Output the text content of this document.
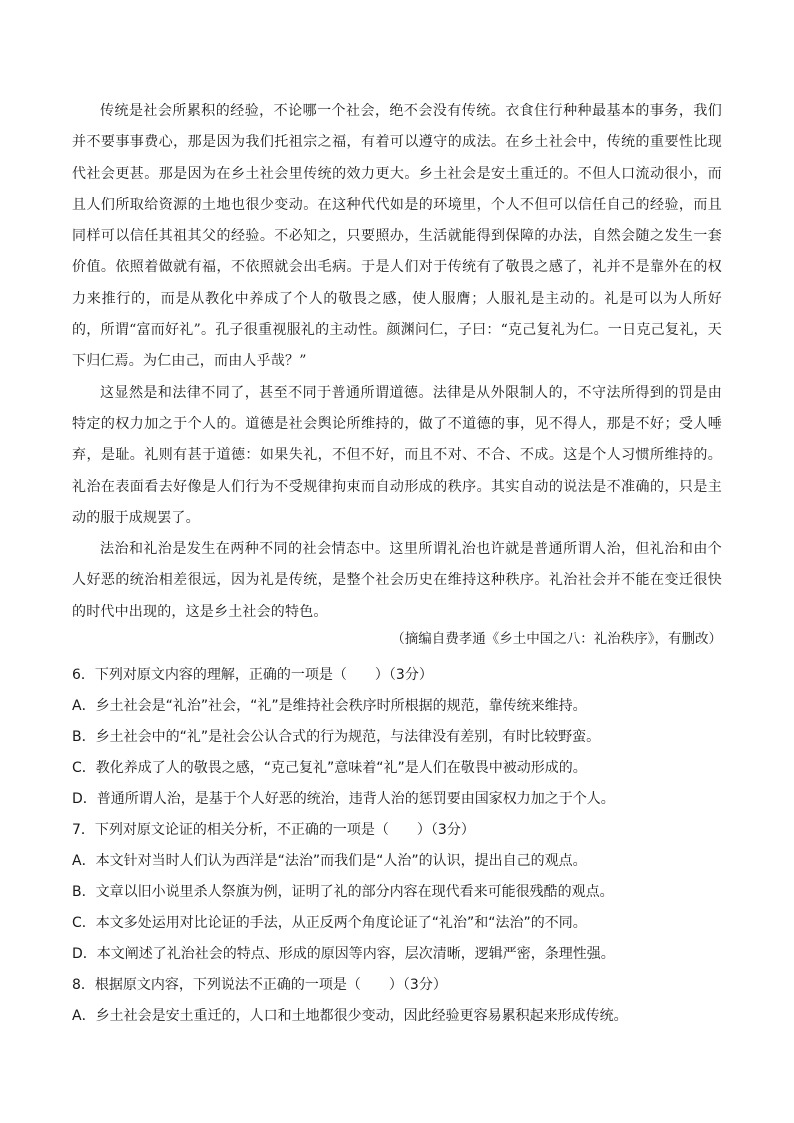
传统是社会所累积的经验，不论哪一个社会，绝不会没有传统。衣食住行种种最基本的事务，我们并不要事事费心，那是因为我们托祖宗之福，有着可以遵守的成法。在乡土社会中，传统的重要性比现代社会更甚。那是因为在乡土社会里传统的效力更大。乡土社会是安土重迁的。不但人口流动很小，而且人们所取给资源的土地也很少变动。在这种代代如是的环境里，个人不但可以信任自己的经验，而且同样可以信任其祖其父的经验。不必知之，只要照办，生活就能得到保障的办法，自然会随之发生一套价值。依照着做就有福，不依照就会出毛病。于是人们对于传统有了敬畏之感了，礼并不是靠外在的权力来推行的，而是从教化中养成了个人的敬畏之感，使人服膺；人服礼是主动的。礼是可以为人所好的，所谓“富而好礼”。孔子很重视服礼的主动性。颜渊问仁，子曰：“克己复礼为仁。一日克己复礼，天下归仁焉。为仁由己，而由人乎哉？”

这显然是和法律不同了，甚至不同于普通所谓道德。法律是从外限制人的，不守法所得到的罚是由特定的权力加之于个人的。道德是社会舆论所维持的，做了不道德的事，见不得人，那是不好；受人唾弃，是耻。礼则有甚于道德：如果失礼，不但不好，而且不对、不合、不成。这是个人习惯所维持的。礼治在表面看去好像是人们行为不受规律拘束而自动形成的秩序。其实自动的说法是不准确的，只是主动的服于成规罢了。

法治和礼治是发生在两种不同的社会情态中。这里所谓礼治也许就是普通所谓人治，但礼治和由个人好恶的统治相差很远，因为礼是传统，是整个社会历史在维持这种秩序。礼治社会并不能在变迁很快的时代中出现的，这是乡土社会的特色。

（摘编自费孝通《乡土中国之八：礼治秩序》，有删改）
6．下列对原文内容的理解，正确的一项是（　　）（3分）
A．乡土社会是“礼治”社会，“礼”是维持社会秩序时所根据的规范，靠传统来维持。
B．乡土社会中的“礼”是社会公认合式的行为规范，与法律没有差别，有时比较野蛮。
C．教化养成了人的敬畏之感，“克己复礼”意味着“礼”是人们在敬畏中被动形成的。
D．普通所谓人治，是基于个人好恶的统治，违背人治的惩罚要由国家权力加之于个人。
7．下列对原文论证的相关分析，不正确的一项是（　　）（3分）
A．本文针对当时人们认为西洋是“法治”而我们是“人治”的认识，提出自己的观点。
B．文章以旧小说里杀人祭旗为例，证明了礼的部分内容在现代看来可能很残酷的观点。
C．本文多处运用对比论证的手法，从正反两个角度论证了“礼治”和“法治”的不同。
D．本文阐述了礼治社会的特点、形成的原因等内容，层次清晰，逻辑严密，条理性强。
8．根据原文内容，下列说法不正确的一项是（　　）（3分）
A．乡土社会是安土重迁的，人口和土地都很少变动，因此经验更容易累积起来形成传统。
